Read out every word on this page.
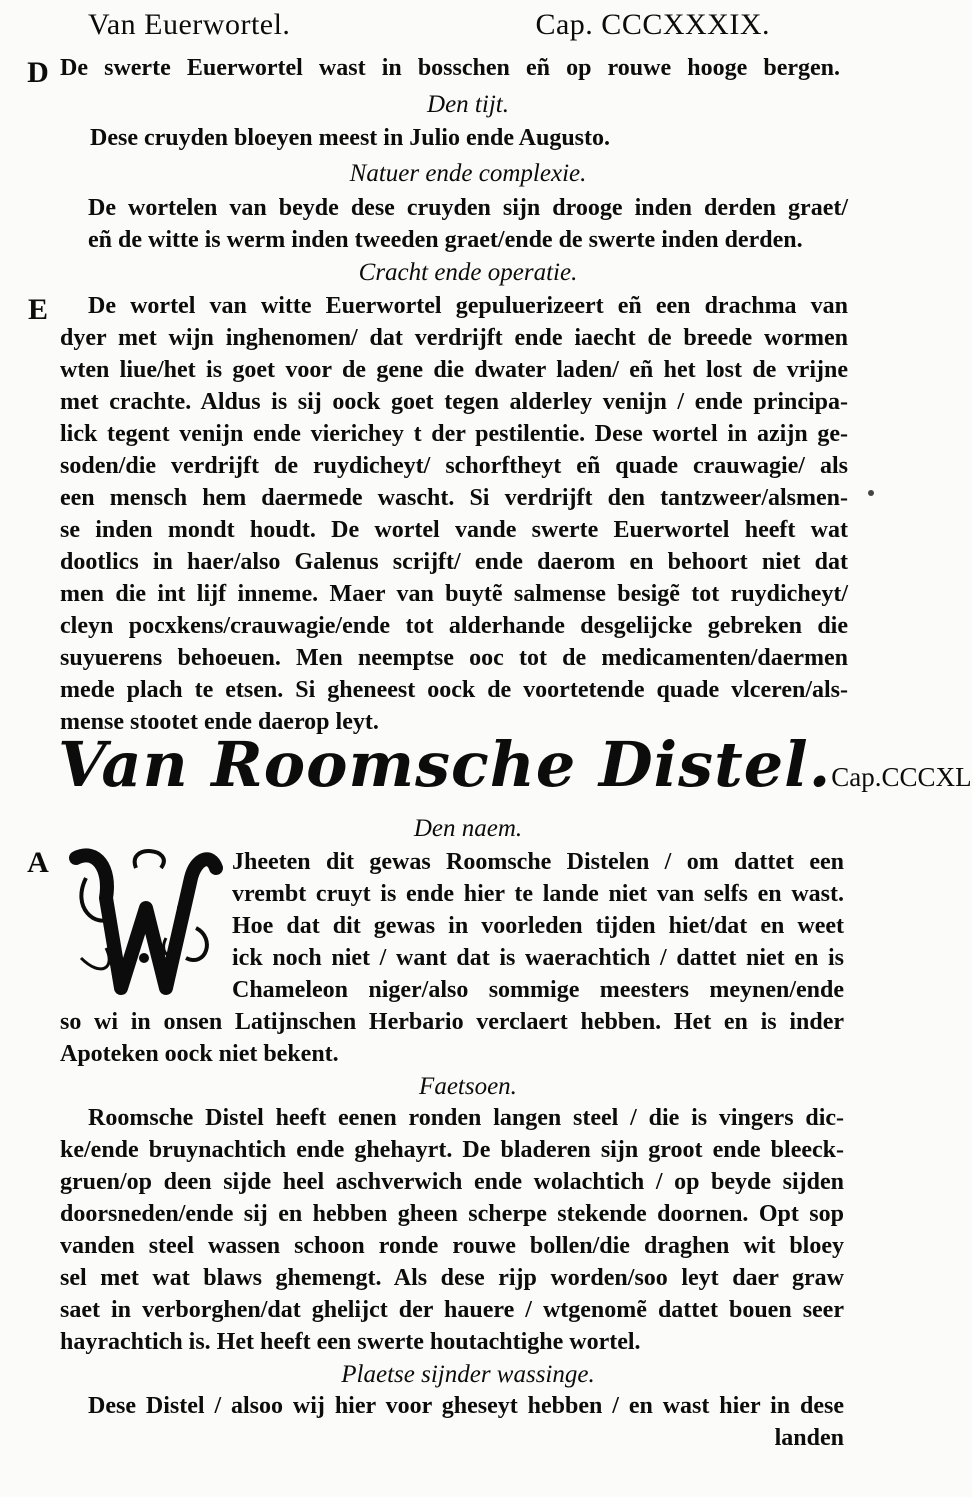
Van Euerwortel.	Cap. CCCXXXIX.
D De swerte Euerwortel wast in bosschen eñ op rouwe hooge bergen.
Den tijt.
Dese cruyden bloeyen meest in Julio ende Augusto.
Natuer ende complexie.
De wortelen van beyde dese cruyden sijn drooge inden derden graet/
eñ de witte is werm inden tweeden graet/ende de swerte inden derden.
Cracht ende operatie.
E	De wortel van witte Euerwortel gepuluerizeert eñ een drachma van
dyer met wijn inghenomen/ dat verdrijft ende iaecht de breede wormen
wten liue/het is goet voor de gene die dwater laden/ eñ het lost de vrijne
met crachte. Aldus is sij oock goet tegen alderley venijn / ende principa-
lick tegent venijn ende vierichey t der pestilentie. Dese wortel in azijn ge-
soden/die verdrijft de ruydicheyt/ schorftheyt eñ quade crauwagie/ als
een mensch hem daermede wascht. Si verdrijft den tantzweer/alsmen-
se inden mondt houdt. De wortel vande swerte Euerwortel heeft wat
dootlics in haer/also Galenus scrijft/ ende daerom en behoort niet dat
men die int lijf inneme. Maer van buytẽ salmense besigẽ tot ruydicheyt/
cleyn pocxkens/crauwagie/ende tot alderhande desgelijcke gebreken die
suyuerens behoeuen. Men neemptse ooc tot de medicamenten/daermen
mede plach te etsen. Si gheneest oock de voortetende quade vlceren/als-
mense stootet ende daerop leyt.
Van Roomsche Distel. Cap.CCCXL
Den naem.
A	Jheeten dit gewas Roomsche Distelen / om dattet een
vrembt cruyt is ende hier te lande niet van selfs en wast.
Hoe dat dit gewas in voorleden tijden hiet/dat en weet
ick noch niet / want dat is waerachtich / dattet niet en is
Chameleon niger/also sommige meesters meynen/ende
so wi in onsen Latijnschen Herbario verclaert hebben. Het en is inder
Apoteken oock niet bekent.
Faetsoen.
Roomsche Distel heeft eenen ronden langen steel / die is vingers dic-
ke/ende bruynachtich ende ghehayrt. De bladeren sijn groot ende bleeck-
gruen/op deen sijde heel aschverwich ende wolachtich / op beyde sijden
doorsneden/ende sij en hebben gheen scherpe stekende doornen. Opt sop
vanden steel wassen schoon ronde rouwe bollen/die draghen wit bloey
sel met wat blaws ghemengt. Als dese rijp worden/soo leyt daer graw
saet in verborghen/dat ghelijct der hauere / wtgenomẽ dattet bouen seer
hayrachtich is. Het heeft een swerte houtachtighe wortel.
Plaetse sijnder wassinge.
Dese Distel / alsoo wij hier voor gheseyt hebben / en wast hier in dese
landen
